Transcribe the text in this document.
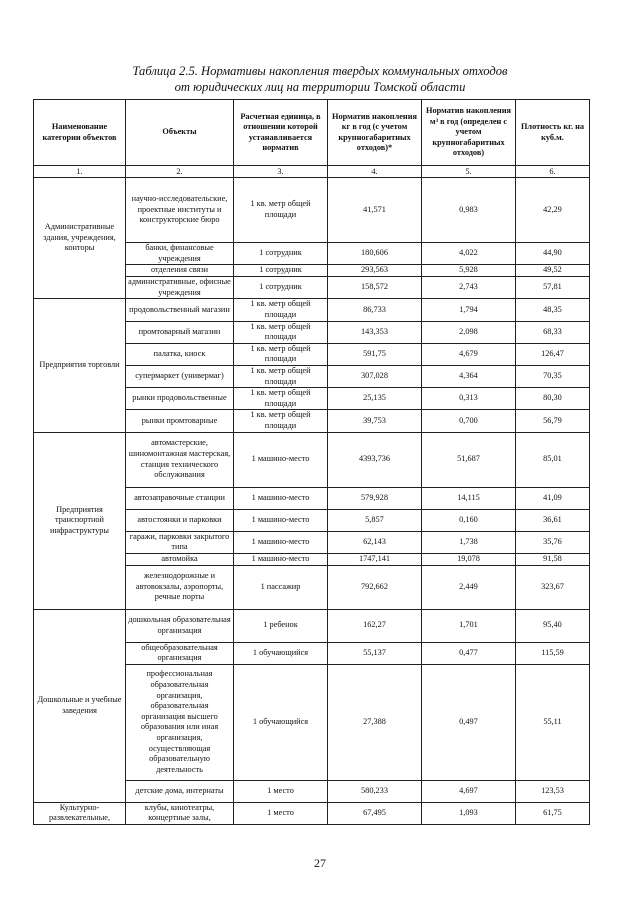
Таблица 2.5. Нормативы накопления твердых коммунальных отходов
от юридических лиц на территории Томской области
Наименование категории объектов	Объекты	Расчетная единица, в отношении которой устанавливается норматив	Норматив накопления кг в год (с учетом крупногабаритных отходов)*	Норматив накопления м³ в год (определен с учетом крупногабаритных отходов)	Плотность кг. на куб.м.
1.	2.	3.	4.	5.	6.
Административные здания, учреждения, конторы	научно-исследовательские, проектные институты и конструкторские бюро	1 кв. метр общей площади	41,571	0,983	42,29
	банки, финансовые учреждения	1 сотрудник	180,606	4,022	44,90
	отделения связи	1 сотрудник	293,563	5,928	49,52
	административные, офисные учреждения	1 сотрудник	158,572	2,743	57,81
Предприятия торговли	продовольственный магазин	1 кв. метр общей площади	86,733	1,794	48,35
	промтоварный магазин	1 кв. метр общей площади	143,353	2,098	68,33
	палатка, киоск	1 кв. метр общей площади	591,75	4,679	126,47
	супермаркет (универмаг)	1 кв. метр общей площади	307,028	4,364	70,35
	рынки продовольственные	1 кв. метр общей площади	25,135	0,313	80,30
	рынки промтоварные	1 кв. метр общей площади	39,753	0,700	56,79
Предприятия транспортной инфраструктуры	автомастерские, шиномонтажная мастерская, станция технического обслуживания	1 машино-место	4393,736	51,687	85,01
	автозаправочные станции	1 машино-место	579,928	14,115	41,09
	автостоянки и парковки	1 машино-место	5,857	0,160	36,61
	гаражи, парковки закрытого типа	1 машино-место	62,143	1,738	35,76
	автомойка	1 машино-место	1747,141	19,078	91,58
	железнодорожные и автовокзалы, аэропорты, речные порты	1 пассажир	792,662	2,449	323,67
Дошкольные и учебные заведения	дошкольная образовательная организация	1 ребенок	162,27	1,701	95,40
	общеобразовательная организация	1 обучающийся	55,137	0,477	115,59
	профессиональная образовательная организация, образовательная организация высшего образования или иная организация, осуществляющая образовательную деятельность	1 обучающийся	27,388	0,497	55,11
	детские дома, интернаты	1 место	580,233	4,697	123,53
Культурно-развлекательные,	клубы, кинотеатры, концертные залы,	1 место	67,495	1,093	61,75
27
